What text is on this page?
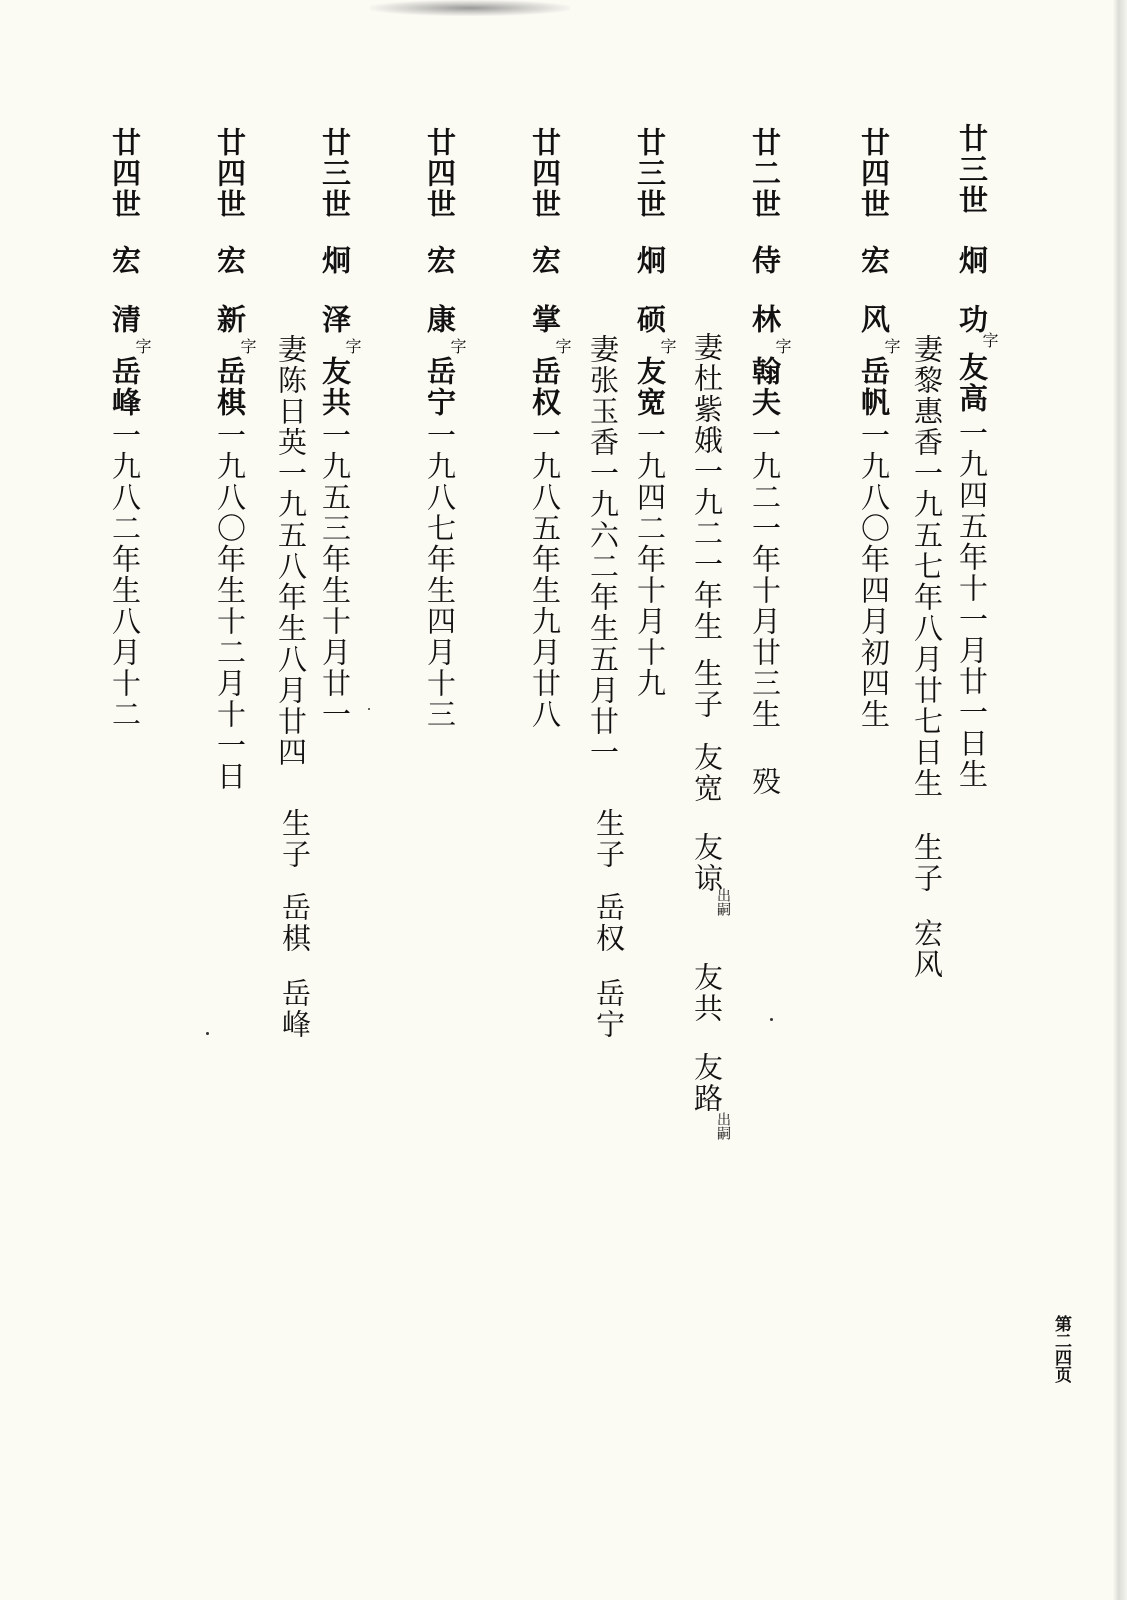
廿三世
炯
功
字
友高
一九四五年十一月廿一日生
妻黎惠香一九五七年八月廿七日生
生子
宏风
廿四世
宏
风
字
岳帆
一九八〇年四月初四生
廿二世
侍
林
字
翰夫
一九二一年十月廿三生
殁
妻杜紫娥一九二一年生
生子
友宽
友谅
出嗣
友共
友路
出嗣
廿三世
炯
硕
字
友宽
一九四二年十月十九
妻张玉香一九六二年生五月廿一
生子
岳权
岳宁
廿四世
宏
掌
字
岳权
一九八五年生九月廿八
廿四世
宏
康
字
岳宁
一九八七年生四月十三
廿三世
炯
泽
字
友共
一九五三年生十月廿一
妻陈日英一九五八年生八月廿四
生子
岳棋
岳峰
廿四世
宏
新
字
岳棋
一九八〇年生十二月十一日
廿四世
宏
清
字
岳峰
一九八二年生八月十二
第二四页
